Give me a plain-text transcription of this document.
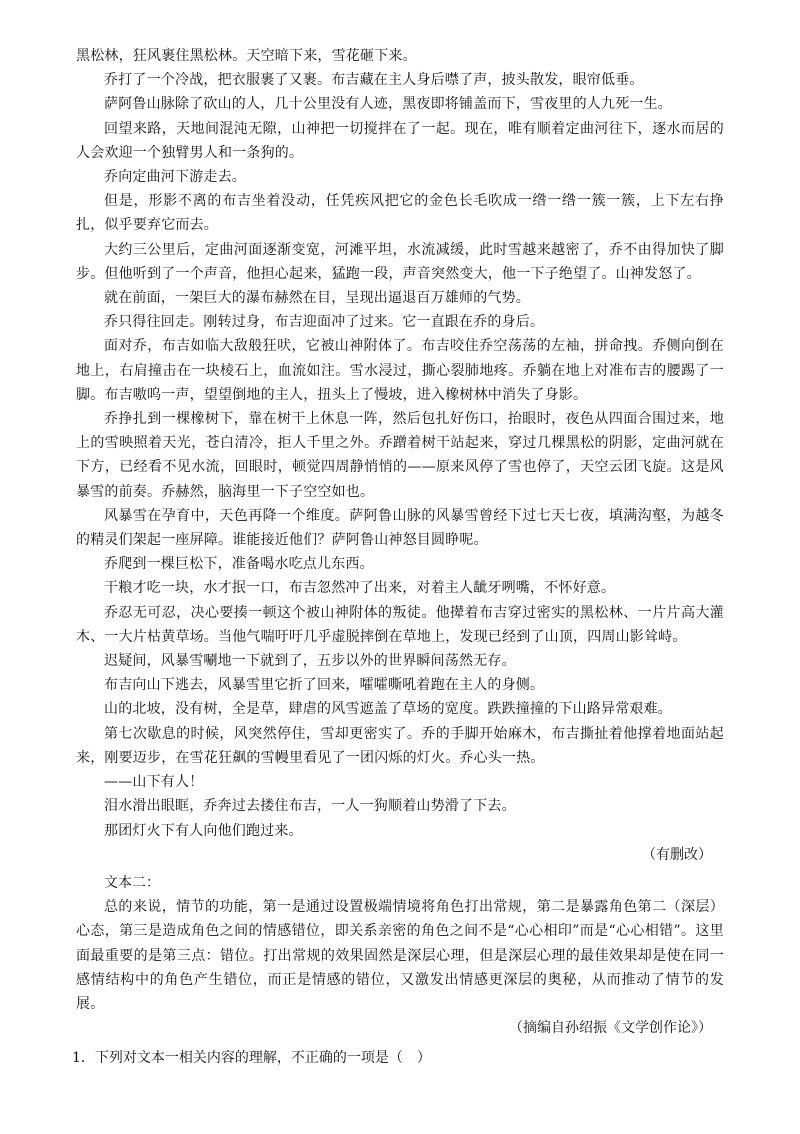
黑松林，狂风裹住黑松林。天空暗下来，雪花砸下来。

乔打了一个冷战，把衣服裹了又裹。布吉藏在主人身后噤了声，披头散发，眼帘低垂。

萨阿鲁山脉除了砍山的人，几十公里没有人迹，黑夜即将铺盖而下，雪夜里的人九死一生。

回望来路，天地间混沌无隙，山神把一切搅拌在了一起。现在，唯有顺着定曲河往下，逐水而居的人会欢迎一个独臂男人和一条狗的。

乔向定曲河下游走去。

但是，形影不离的布吉坐着没动，任凭疾风把它的金色长毛吹成一绺一绺一簇一簇，上下左右挣扎，似乎要弃它而去。

大约三公里后，定曲河面逐渐变宽，河滩平坦，水流减缓，此时雪越来越密了，乔不由得加快了脚步。但他听到了一个声音，他担心起来，猛跑一段，声音突然变大，他一下子绝望了。山神发怒了。

就在前面，一架巨大的瀑布赫然在目，呈现出逼退百万雄师的气势。

乔只得往回走。刚转过身，布吉迎面冲了过来。它一直跟在乔的身后。

面对乔，布吉如临大敌般狂吠，它被山神附体了。布吉咬住乔空荡荡的左袖，拼命拽。乔侧向倒在地上，右肩撞击在一块棱石上，血流如注。雪水浸过，撕心裂肺地疼。乔躺在地上对准布吉的腰踢了一脚。布吉嗷呜一声，望望倒地的主人，扭头上了慢坡，进入橡树林中消失了身影。

乔挣扎到一棵橡树下，靠在树干上休息一阵，然后包扎好伤口，抬眼时，夜色从四面合围过来，地上的雪映照着天光，苍白清冷，拒人千里之外。乔蹭着树干站起来，穿过几棵黑松的阴影，定曲河就在下方，已经看不见水流，回眼时，顿觉四周静悄悄的——原来风停了雪也停了，天空云团飞旋。这是风暴雪的前奏。乔赫然，脑海里一下子空空如也。

风暴雪在孕育中，天色再降一个维度。萨阿鲁山脉的风暴雪曾经下过七天七夜，填满沟壑，为越冬的精灵们架起一座屏障。谁能接近他们？萨阿鲁山神怒目圆睁呢。

乔爬到一棵巨松下，准备喝水吃点儿东西。

干粮才吃一块，水才抿一口，布吉忽然冲了出来，对着主人龇牙咧嘴，不怀好意。

乔忍无可忍，决心要揍一顿这个被山神附体的叛徒。他撵着布吉穿过密实的黑松林、一片片高大灌木、一大片枯黄草场。当他气喘吁吁几乎虚脱摔倒在草地上，发现已经到了山顶，四周山影耸峙。

迟疑间，风暴雪唰地一下就到了，五步以外的世界瞬间荡然无存。

布吉向山下逃去，风暴雪里它折了回来，嚯嚯嘶吼着跑在主人的身侧。

山的北坡，没有树，全是草，肆虐的风雪遮盖了草场的宽度。跌跌撞撞的下山路异常艰难。

第七次歇息的时候，风突然停住，雪却更密实了。乔的手脚开始麻木，布吉撕扯着他撑着地面站起来，刚要迈步，在雪花狂飙的雪幔里看见了一团闪烁的灯火。乔心头一热。

——山下有人！

泪水滑出眼眶，乔奔过去搂住布吉，一人一狗顺着山势滑了下去。

那团灯火下有人向他们跑过来。

（有删改）

文本二：

总的来说，情节的功能，第一是通过设置极端情境将角色打出常规，第二是暴露角色第二（深层）心态，第三是造成角色之间的情感错位，即关系亲密的角色之间不是“心心相印”而是“心心相错”。这里面最重要的是第三点：错位。打出常规的效果固然是深层心理，但是深层心理的最佳效果却是使在同一感情结构中的角色产生错位，而正是情感的错位，又激发出情感更深层的奥秘，从而推动了情节的发展。

（摘编自孙绍振《文学创作论》）

1．下列对文本一相关内容的理解，不正确的一项是（　）
